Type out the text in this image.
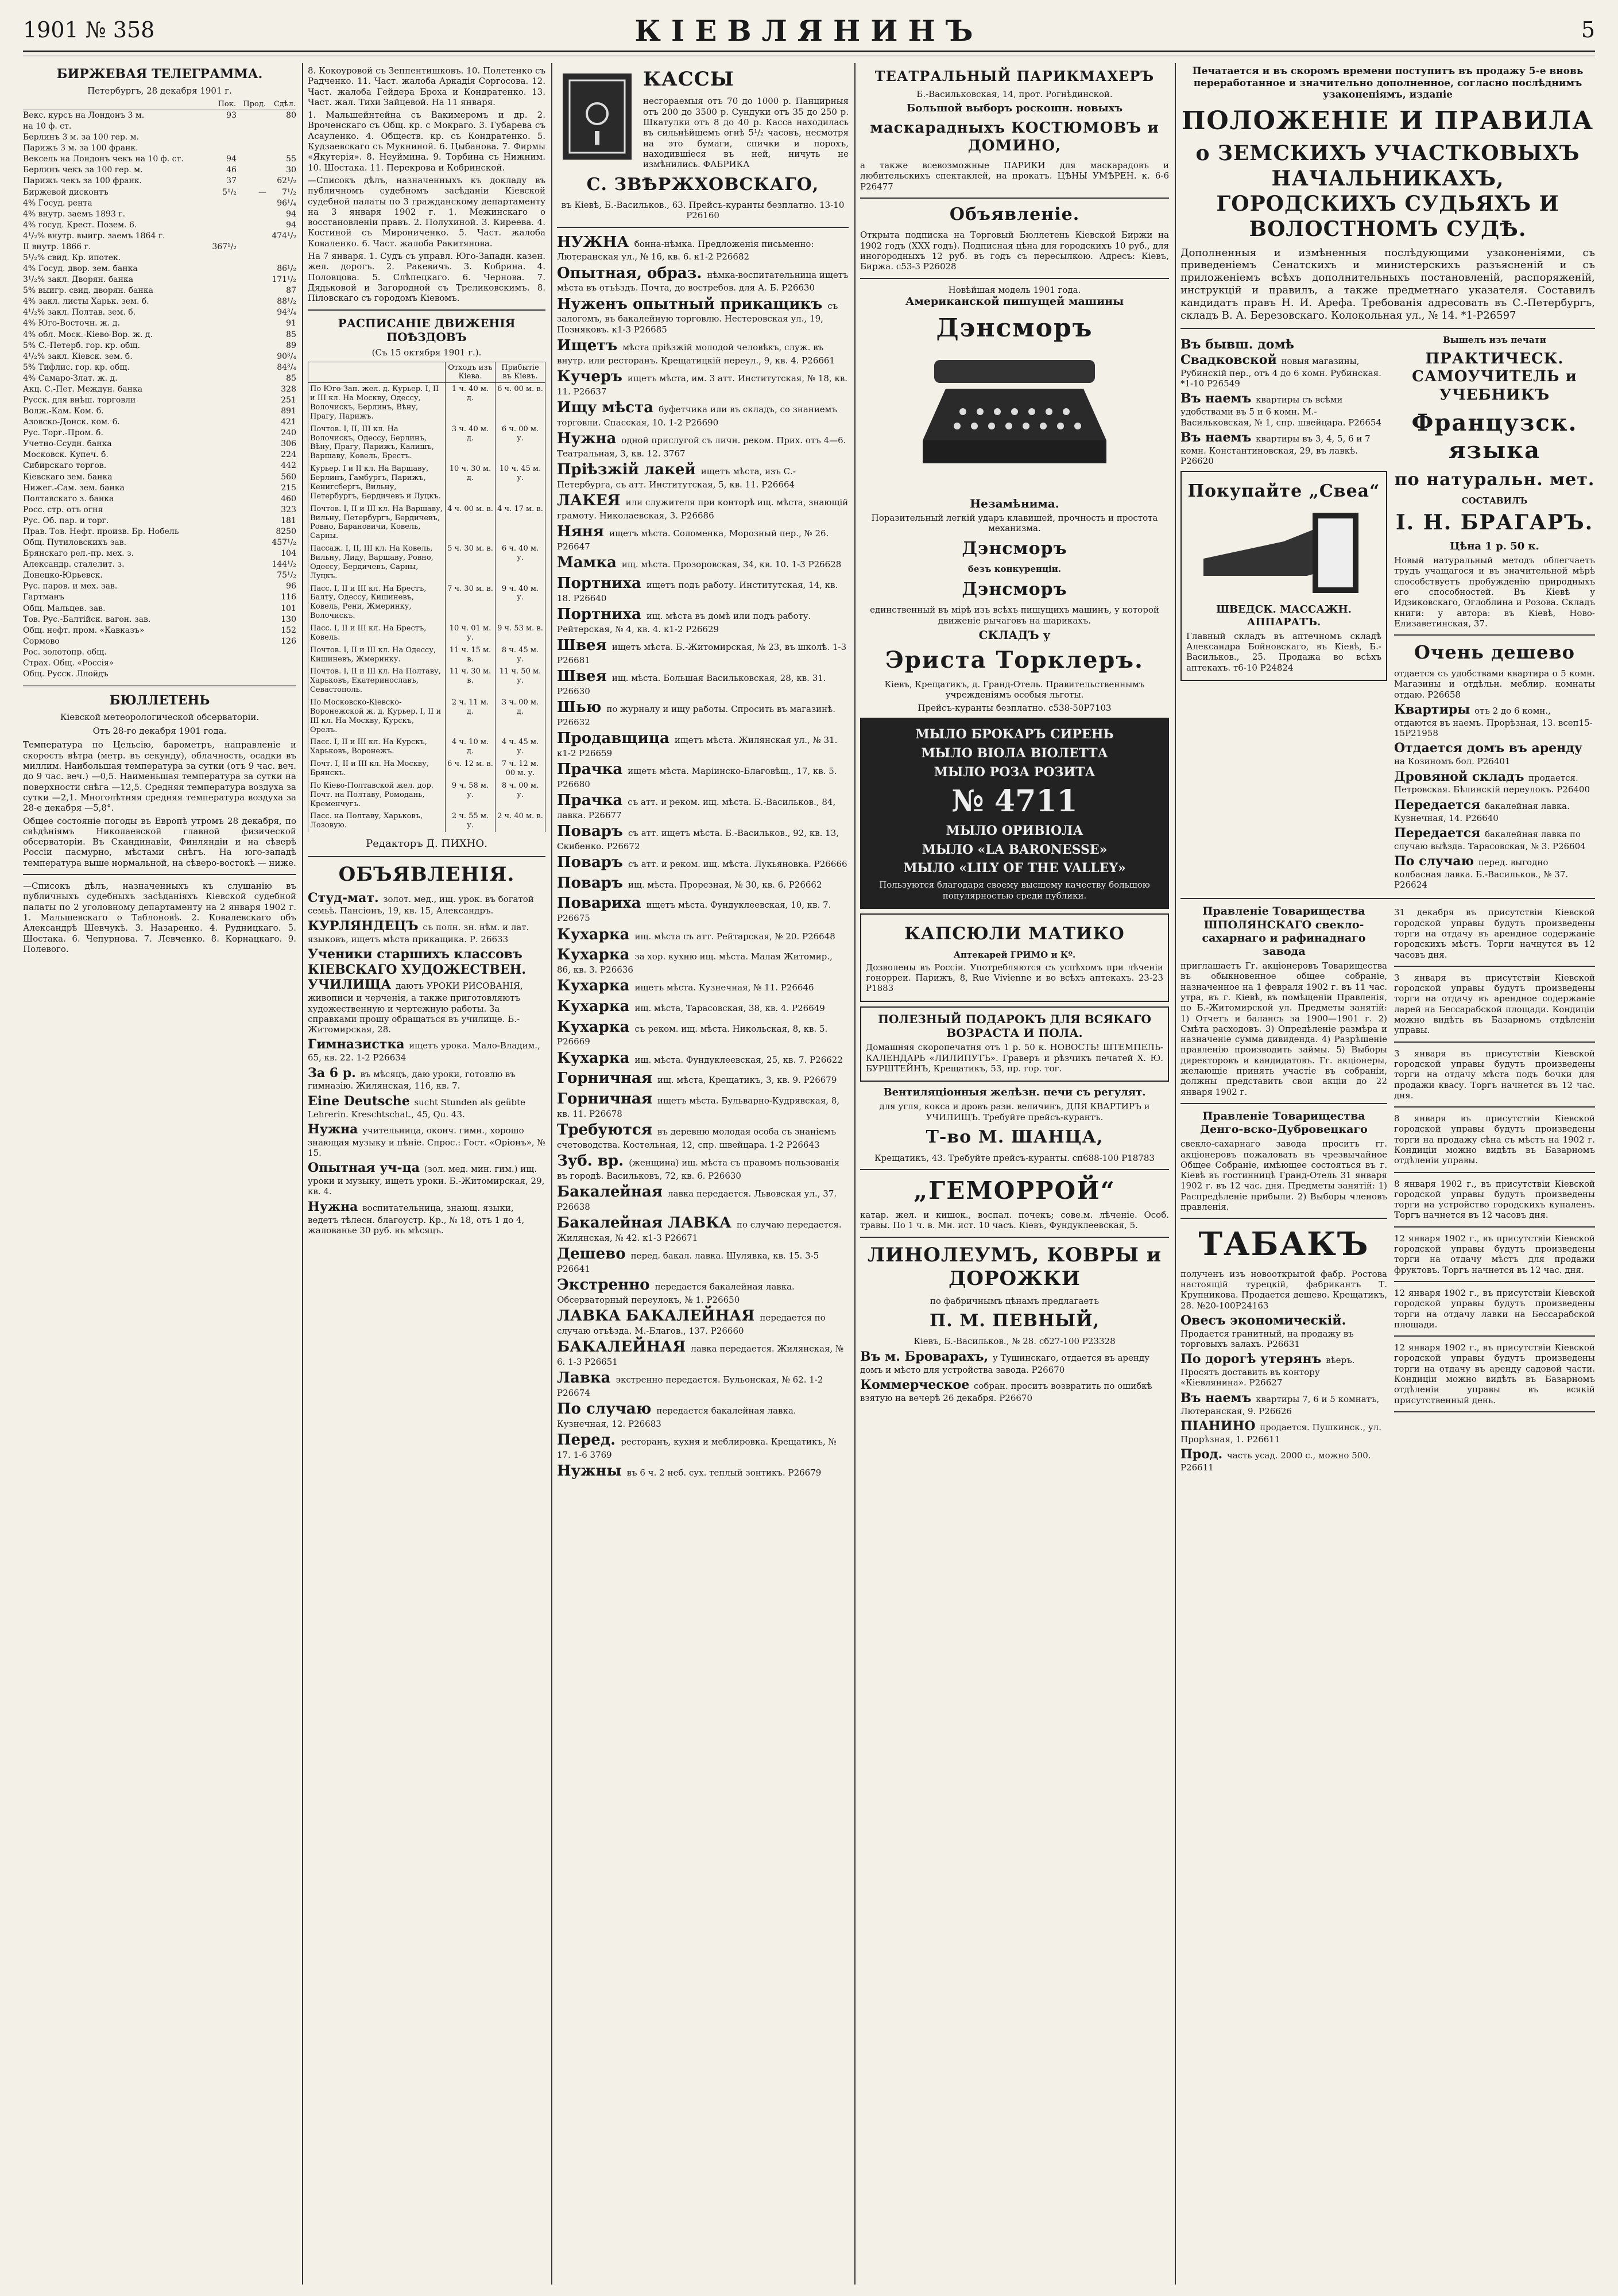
1901 № 358	КIЕВЛЯНИНЪ	5
БИРЖЕВАЯ ТЕЛЕГРАММА.
Петербургъ, 28 декабря 1901 г.
	Пок.	Прод.	Сдѣл.
Векс. курсъ на Лондонъ 3 м.	93		80
на 10 ф. ст.			
Берлинъ 3 м. за 100 гер. м.			
Парижъ 3 м. за 100 франк.			
Вексель на Лондонъ чекъ на 10 ф. ст.	94		55
Берлинъ чекъ за 100 гер. м.	46		30
Парижъ чекъ за 100 франк.	37		62¹/₂
Биржевой дисконтъ	5¹/₂	—	7¹/₂
4% Госуд. рента			96¹/₄
4% внутр. заемъ 1893 г.			94
4% госуд. Крест. Позем. 6.			94
4¹/₂% внутр. выигр. заемъ 1864 г.			474¹/₂
II внутр. 1866 г.	367¹/₂		
5¹/₂% свид. Кр. ипотек.			
4% Госуд. двор. зем. банка			86¹/₂
3¹/₂% закл. Дворян. банка			171¹/₂
5% выигр. свид. дворян. банка			87
4% закл. листы Харьк. зем. б.			88¹/₂
4¹/₂% закл. Полтав. зем. б.			94³/₄
4% Юго-Восточн. ж. д.			91
4% обл. Моск.-Кiево-Вор. ж. д.			85
5% С.-Петерб. гор. кр. общ.			89
4¹/₂% закл. Кiевск. зем. б.			90³/₄
5% Тифлис. гор. кр. общ.			84³/₄
4% Самаро-Злат. ж. д.			85
Акц. С.-Пет. Междун. банка			328
Русск. для внѣш. торговли			251
Волж.-Кам. Ком. б.			891
Азовско-Донск. ком. б.			421
Рус. Торг.-Пром. б.			240
Учетно-Ссудн. банка			306
Московск. Купеч. б.			224
Сибирскаго торгов.			442
Кiевскаго зем. банка			560
Нижег.-Сам. зем. банка			215
Полтавскаго з. банка			460
Росс. стр. отъ огня			323
Рус. Об. пар. и торг.			181
Прав. Тов. Нефт. произв. Бр. Нобель			8250
Общ. Путиловскихъ зав.			457¹/₂
Брянскаго рел.-пр. мех. з.			104
Александр. сталелит. з.			144¹/₂
Донецко-Юрьевск.			75¹/₂
Рус. паров. и мех. зав.			96
Гартманъ			116
Общ. Мальцев. зав.			101
Тов. Рус.-Балтiйск. вагон. зав.			130
Общ. нефт. пром. «Кавказъ»			152
Сормово			126
Рос. золотопр. общ.			
Страх. Общ. «Россiя»			
Общ. Русск. Ллойдъ			
БЮЛЛЕТЕНЬ
Кiевской метеорологической обсерваторiи.
Отъ 28-го декабря 1901 года.

Температура по Цельсiю, барометръ, направленiе и скорость вѣтра (метр. въ секунду), облачность, осадки въ миллим. Наибольшая температура за сутки (отъ 9 час. веч. до 9 час. веч.) —0,5. Наименьшая температура за сутки на поверхности снѣга —12,5. Средняя температура воздуха за сутки —2,1. Многолѣтняя средняя температура воздуха за 28-е декабря —5,8°.

Общее состоянiе погоды въ Европѣ утромъ 28 декабря, по свѣдѣнiямъ Николаевской главной физической обсерваторiи. Въ Скандинавiи, Финляндiи и на сѣверѣ Россiи пасмурно, мѣстами снѣгъ. На юго-западѣ температура выше нормальной, на сѣверо-востокѣ — ниже.

—Списокъ дѣлъ, назначенныхъ къ слушанiю въ публичныхъ судебныхъ засѣданiяхъ Кiевской судебной палаты по 2 уголовному департаменту на 2 января 1902 г. 1. Мальшевскаго о Таблоновѣ. 2. Ковалевскаго объ Александрѣ Шевчукѣ. 3. Назаренко. 4. Рудницкаго. 5. Шостака. 6. Чепурнова. 7. Левченко. 8. Корнацкаго. 9. Полевого.

8. Кокоуровой съ Зеппентишковъ. 10. Полетенко съ Радченко. 11. Част. жалоба Аркадiя Соргосова. 12. Част. жалоба Гейдера Броха и Кондратенко. 13. Част. жал. Тихи Зайцевой. На 11 января.

1. Мальшейнтейна съ Вакимеромъ и др. 2. Вроченскаго съ Общ. кр. с Мокраго. 3. Губарева съ Асауленко. 4. Обществ. кр. съ Кондратенко. 5. Кудзаевскаго съ Мукниной. 6. Цыбанова. 7. Фирмы «Якутерія». 8. Неуймина. 9. Торбина съ Нижним. 10. Шостака. 11. Перекрова и Кобринской.

—Списокъ дѣлъ, назначенныхъ къ докладу въ публичномъ судебномъ засѣданiи Кiевской судебной палаты по 3 гражданскому департаменту на 3 января 1902 г. 1. Межинскаго о восстановленiи правъ. 2. Полухиной. 3. Киреева. 4. Костиной съ Мирониченко. 5. Част. жалоба Коваленко. 6. Част. жалоба Ракитянова.

На 7 января. 1. Судъ съ управл. Юго-Западн. казен. жел. дорогъ. 2. Ракевичъ. 3. Кобрина. 4. Половцова. 5. Слѣпецкаго. 6. Чернова. 7. Дядьковой и Загородной съ Треликовскимъ. 8. Пiловскаго съ городомъ Кiевомъ.

РАСПИСАНІЕ ДВИЖЕНІЯ ПОѢЗДОВЪ
(Съ 15 октября 1901 г.).
	Отходъ изъ Кiева.	Прибытiе въ Кiевъ.
По Юго-Зап. жел. д. Курьер. I, II и III кл. На Москву, Одессу, Волочискъ, Берлинъ, Вѣну, Прагу, Парижъ.	1 ч. 40 м. д.	6 ч. 00 м. в.
Почтов. I, II, III кл. На Волочискъ, Одессу, Берлинъ, Вѣну, Прагу, Парижъ, Калишъ, Варшаву, Ковель, Брестъ.	3 ч. 40 м. д.	6 ч. 00 м. у.
Курьер. I и II кл. На Варшаву, Берлинъ, Гамбургъ, Парижъ, Кенигсбергъ, Вильну, Петербургъ, Бердичевъ и Луцкъ.	10 ч. 30 м. д.	10 ч. 45 м. у.
Почтов. I, II и III кл. На Варшаву, Вильну, Петербургъ, Бердичевъ, Ровно, Барановичи, Ковель, Сарны.	4 ч. 00 м. в.	4 ч. 17 м. в.
Пассаж. I, II, III кл. На Ковель, Вильну, Лиду, Варшаву, Ровно, Одессу, Бердичевъ, Сарны, Луцкъ.	5 ч. 30 м. в.	6 ч. 40 м. у.
Пасс. I, II и III кл. На Брестъ, Балту, Одессу, Кишиневъ, Ковель, Рени, Жмеринку, Волочискъ.	7 ч. 30 м. в.	9 ч. 40 м. у.
Пасс. I, II и III кл. На Брестъ, Ковель.	10 ч. 01 м. у.	9 ч. 53 м. в.
Почтов. I, II и III кл. На Одессу, Кишиневъ, Жмеринку.	11 ч. 15 м. в.	8 ч. 45 м. у.
Почтов. I, II и III кл. На Полтаву, Харьковъ, Екатеринославъ, Севастополь.	11 ч. 30 м. в.	11 ч. 50 м. у.
По Московско-Кiевско-Воронежской ж. д. Курьер. I, II и III кл. На Москву, Курскъ, Орелъ.	2 ч. 11 м. д.	3 ч. 00 м. д.
Пасс. I, II и III кл. На Курскъ, Харьковъ, Воронежъ.	4 ч. 10 м. д.	4 ч. 45 м. у.
Почт. I, II и III кл. На Москву, Брянскъ.	6 ч. 12 м. в.	7 ч. 12 м. 00 м. у.
По Кiево-Полтавской жел. дор. Почт. на Полтаву, Ромодань, Кременчугъ.	9 ч. 58 м. у.	8 ч. 00 м. у.
Пасс. на Полтаву, Харьковъ, Лозовую.	2 ч. 55 м. у.	2 ч. 40 м. в.
Редакторъ Д. ПИХНО.
ОБЪЯВЛЕНІЯ.
Студ-мат. золот. мед., ищ. урок. въ богатой семьѣ. Пансiонъ, 19, кв. 15, Александръ.
КУРЛЯНДЕЦЪ съ полн. зн. нѣм. и лат. языковъ, ищетъ мѣста прикащика. Р. 26633
Ученики старшихъ классовъ КIЕВСКАГО ХУДОЖЕСТВЕН. УЧИЛИЩА даютъ УРОКИ РИСОВАНIЯ, живописи и черченiя, а также приготовляютъ художественную и чертежную работы. За справками прошу обращаться въ училище. Б.-Житомирская, 28.
Гимназистка ищетъ урока. Мало-Владим., 65, кв. 22. 1-2 Р26634
За 6 р. въ мѣсяцъ, даю уроки, готовлю въ гимназiю. Жилянская, 116, кв. 7.
Eine Deutsche sucht Stunden als geübte Lehrerin. Kreschtschat., 45, Qu. 43.
Нужна учительница, оконч. гимн., хорошо знающая музыку и пѣнiе. Спрос.: Гост. «Орiонъ», № 15.
Опытная уч-ца (зол. мед. мин. гим.) ищ. уроки и музыку, ищетъ уроки. Б.-Житомирская, 29, кв. 4.
Нужна воспитательница, знающ. языки, ведетъ тѣлесн. благоустр. Кр., № 18, отъ 1 до 4, жалованье 30 руб. въ мѣсяцъ.
КАССЫ

несгораемыя отъ 70 до 1000 р. Панцирныя отъ 200 до 3500 р. Сундуки отъ 35 до 250 р. Шкатулки отъ 8 до 40 р. Касса находилась въ сильнѣйшемъ огнѣ 5¹/₂ часовъ, несмотря на это бумаги, спички и порохъ, находившiеся въ ней, ничуть не измѣнились. ФАБРИКА

С. ЗВѢРЖХОВСКАГО,

въ Кiевѣ, Б.-Васильков., 63. Прейсъ-куранты безплатно. 13-10 Р26160

НУЖНА бонна-нѣмка. Предложенiя письменно: Лютеранская ул., № 16, кв. 6. к1-2 Р26682
Опытная, образ. нѣмка-воспитательница ищетъ мѣста въ отъѣздъ. Почта, до востребов. для А. Б. Р26630
Нуженъ опытный прикащикъ съ залогомъ, въ бакалейную торговлю. Нестеровская ул., 19, Позняковъ. к1-3 Р26685
Ищетъ мѣста прiѣзжiй молодой человѣкъ, служ. въ внутр. или ресторанъ. Крещатицкiй переул., 9, кв. 4. Р26661
Кучеръ ищетъ мѣста, им. 3 атт. Институтская, № 18, кв. 11. Р26637
Ищу мѣста буфетчика или въ складъ, со знаниемъ торговли. Спасская, 10. 1-2 Р26690
Нужна одной прислугой съ личн. реком. Прих. отъ 4—6. Театральная, 3, кв. 12. 3767
Прiѣзжiй лакей ищетъ мѣста, изъ С.-Петербурга, съ атт. Институтская, 5, кв. 11. Р26664
ЛАКЕЯ или служителя при конторѣ ищ. мѣста, знающiй грамоту. Николаевская, 3. Р26686
Няня ищетъ мѣста. Соломенка, Морозный пер., № 26. Р26647
Мамка ищ. мѣста. Прозоровская, 34, кв. 10. 1-3 Р26628
Портниха ищетъ подъ работу. Институтская, 14, кв. 18. Р26640
Портниха ищ. мѣста въ домѣ или подъ работу. Рейтерская, № 4, кв. 4. к1-2 Р26629
Швея ищетъ мѣста. Б.-Житомирская, № 23, въ школѣ. 1-3 Р26681
Швея ищ. мѣста. Большая Васильковская, 28, кв. 31. Р26630
Шью по журналу и ищу работы. Спросить въ магазинѣ. Р26632
Продавщица ищетъ мѣста. Жилянская ул., № 31. к1-2 Р26659
Прачка ищетъ мѣста. Марiинско-Благовѣщ., 17, кв. 5. Р26680
Прачка съ атт. и реком. ищ. мѣста. Б.-Васильков., 84, лавка. Р26677
Поваръ съ атт. ищетъ мѣста. Б.-Васильков., 92, кв. 13, Скибенко. Р26672
Поваръ съ атт. и реком. ищ. мѣста. Лукьяновка. Р26666
Поваръ ищ. мѣста. Прорезная, № 30, кв. 6. Р26662
Повариха ищетъ мѣста. Фундуклеевская, 10, кв. 7. Р26675
Кухарка ищ. мѣста съ атт. Рейтарская, № 20. Р26648
Кухарка за хор. кухню ищ. мѣста. Малая Житомир., 86, кв. 3. Р26636
Кухарка ищетъ мѣста. Кузнечная, № 11. Р26646
Кухарка ищ. мѣста, Тарасовская, 38, кв. 4. Р26649
Кухарка съ реком. ищ. мѣста. Никольская, 8, кв. 5. Р26669
Кухарка ищ. мѣста. Фундуклеевская, 25, кв. 7. Р26622
Горничная ищ. мѣста, Крещатикъ, 3, кв. 9. Р26679
Горничная ищетъ мѣста. Бульварно-Кудрявская, 8, кв. 11. Р26678
Требуются въ деревню молодая особа съ знанiемъ счетоводства. Костельная, 12, спр. швейцара. 1-2 Р26643
Зуб. вр. (женщина) ищ. мѣста съ правомъ пользованiя въ городѣ. Васильковъ, 72, кв. 6. Р26630
Бакалейная лавка передается. Львовская ул., 37. Р26638
Бакалейная ЛАВКА по случаю передается. Жилянская, № 42. к1-3 Р26671
Дешево перед. бакал. лавка. Шулявка, кв. 15. 3-5 Р26641
Экстренно передается бакалейная лавка. Обсерваторный переулокъ, № 1. Р26650
ЛАВКА БАКАЛЕЙНАЯ передается по случаю отъѣзда. М.-Благов., 137. Р26660
БАКАЛЕЙНАЯ лавка передается. Жилянская, № 6. 1-3 Р26651
Лавка экстренно передается. Бульонская, № 62. 1-2 Р26674
По случаю передается бакалейная лавка. Кузнечная, 12. Р26683
Перед. ресторанъ, кухня и меблировка. Крещатикъ, № 17. 1-6 3769
Нужны въ 6 ч. 2 неб. сух. теплый зонтикъ. Р26679
ТЕАТРАЛЬНЫЙ ПАРИКМАХЕРЪ

Б.-Васильковская, 14, прот. Рогнѣдинской.

Большой выборъ роскошн. новыхъ
маскарадныхъ КОСТЮМОВЪ и ДОМИНО,

а также всевозможные ПАРИКИ для маскарадовъ и любительскихъ спектаклей, на прокатъ. ЦѢНЫ УМѢРЕН. к. 6-6 Р26477

Объявленiе.

Открыта подписка на Торговый Бюллетень Кiевской Биржи на 1902 годъ (XXX годъ). Подписная цѣна для городскихъ 10 руб., для иногородныхъ 12 руб. въ годъ съ пересылкою. Адресъ: Кiевъ, Биржа. с53-3 Р26028

Новѣйшая модель 1901 года.
Американской пишущей машины
Дэнсморъ
Незамѣнима.

Поразительный легкiй ударъ клавишей, прочность и простота механизма.

Дэнсморъ
безъ конкуренцiи.
Дэнсморъ

единственный въ мiрѣ изъ всѣхъ пишущихъ машинъ, у которой движенiе рычаговъ на шарикахъ.

СКЛАДЪ у
Эриста Торклеръ.

Кiевъ, Крещатикъ, д. Гранд-Отель. Правительственнымъ учрежденiямъ особыя льготы.

Прейсъ-куранты безплатно. с538-50Р7103

МЫЛО БРОКАРЪ СИРЕНЬ
МЫЛО ВIОЛА ВIОЛЕТТА
МЫЛО РОЗА РОЗИТА
№ 4711
МЫЛО ОРИВIОЛА
МЫЛО «LA BARONESSE»
МЫЛО «LILY OF THE VALLEY»

Пользуются благодаря своему высшему качеству большою популярностью среди публики.

КАПСЮЛИ МАТИКО
Аптекарей ГРИМО и Кº.

Дозволены въ Россiи. Употребляются съ успѣхомъ при лѣченiи гонорреи. Парижъ, 8, Rue Vivienne и во всѣхъ аптекахъ. 23-23 Р1883

ПОЛЕЗНЫЙ ПОДАРОКЪ ДЛЯ ВСЯКАГО ВОЗРАСТА И ПОЛА.

Домашняя скоропечатня отъ 1 р. 50 к. НОВОСТЬ! ШТЕМПЕЛЬ-КАЛЕНДАРЬ «ЛИЛИПУТЪ». Граверъ и рѣзчикъ печатей Х. Ю. БУРШТЕЙНЪ, Крещатикъ, 53, пр. гор. тог.

Вентиляцiонныя желѣзн. печи съ регулят.

для угля, кокса и дровъ разн. величинъ, ДЛЯ КВАРТИРЪ и УЧИЛИЩЪ. Требуйте прейсъ-курантъ.

Т-во М. ШАНЦА,

Крещатикъ, 43. Требуйте прейсъ-куранты. сп688-100 Р18783

„ГЕМОРРОЙ“

катар. жел. и кишок., воспал. почекъ; сове.м. лѣченiе. Особ. травы. По 1 ч. в. Мн. ист. 10 часъ. Кiевъ, Фундуклеевская, 5.

ЛИНОЛЕУМЪ, КОВРЫ и ДОРОЖКИ

по фабричнымъ цѣнамъ предлагаетъ

П. М. ПЕВНЫЙ,

Кiевъ, Б.-Васильков., № 28. сб27-100 Р23328

Въ м. Броварахъ, у Тушинскаго, отдается въ аренду домъ и мѣсто для устройства завода. Р26670
Коммерческое собран. проситъ возвратить по ошибкѣ взятую на вечерѣ 26 декабря. Р26670

Печатается и въ скоромъ времени поступитъ въ продажу 5-е вновь переработанное и значительно дополненное, согласно послѣднимъ узаконенiямъ, изданiе

ПОЛОЖЕНIЕ И ПРАВИЛА
о ЗЕМСКИХЪ УЧАСТКОВЫХЪ НАЧАЛЬНИКАХЪ, ГОРОДСКИХЪ СУДЬЯХЪ И ВОЛОСТНОМЪ СУДѢ.

Дополненныя и измѣненныя послѣдующими узаконенiями, съ приведенiемъ Сенатскихъ и министерскихъ разъясненiй и съ приложенiемъ всѣхъ дополнительныхъ постановленiй, распоряженiй, инструкцiй и правилъ, а также предметнаго указателя. Составилъ кандидатъ правъ Н. И. Арефа. Требованiя адресовать въ С.-Петербургъ, складъ В. А. Березовскаго. Колокольная ул., № 14. *1-Р26597

Въ бывш. домѣ Свадковской новыя магазины, Рубинскiй пер., отъ 4 до 6 комн. Рубинская. *1-10 Р26549
Въ наемъ квартиры съ всѣми удобствами въ 5 и 6 комн. М.-Васильковская, № 1, спр. швейцара. Р26654
Въ наемъ квартиры въ 3, 4, 5, 6 и 7 комн. Константиновская, 29, въ лавкѣ. Р26620
Покупайте „Свеа“
ШВЕДСК. МАССАЖН. АППАРАТЪ.

Главный складъ въ аптечномъ складѣ Александра Бойновскаго, въ Кiевѣ, Б.-Васильков., 25. Продажа во всѣхъ аптекахъ. т6-10 Р24824

Вышелъ изъ печати
ПРАКТИЧЕСК. САМОУЧИТЕЛЬ и УЧЕБНИКЪ
Французск. языка
по натуральн. мет.
СОСТАВИЛЪ
I. Н. БРАГАРЪ.
Цѣна 1 р. 50 к.

Новый натуральный методъ облегчаетъ трудъ учащагося и въ значительной мѣрѣ способствуетъ пробужденiю природныхъ его способностей. Въ Кiевѣ у Идзиковскаго, Оглоблина и Розова. Складъ книги: у автора: въ Кiевѣ, Ново-Елизаветинская, 37.

Очень дешево

отдается съ удобствами квартира о 5 комн. Магазины и отдѣльн. меблир. комнаты отдаю. Р26658

Квартиры отъ 2 до 6 комн., отдаются въ наемъ. Прорѣзная, 13. всеп15-15Р21958
Отдается домъ въ аренду на Козиномъ бол. Р26401
Дровяной складъ продается. Петровская. Бѣлинскiй переулокъ. Р26400
Передается бакалейная лавка. Кузнечная, 14. Р26640
Передается бакалейная лавка по случаю выѣзда. Тарасовская, № 3. Р26604
По случаю перед. выгодно колбасная лавка. Б.-Васильков., № 37. Р26624
Правленiе Товарищества ШПОЛЯНСКАГО свекло-сахарнаго и рафинаднаго завода

приглашаетъ Гг. акцiонеровъ Товарищества въ обыкновенное общее собранiе, назначенное на 1 февраля 1902 г. въ 11 час. утра, въ г. Кiевѣ, въ помѣщенiи Правленiя, по Б.-Житомирской ул. Предметы занятiй: 1) Отчетъ и балансъ за 1900—1901 г. 2) Смѣта расходовъ. 3) Опредѣленiе размѣра и назначенiе сумма дивиденда. 4) Разрѣшенiе правленiю производить займы. 5) Выборы директоровъ и кандидатовъ. Гг. акцiонеры, желающiе принять участiе въ собранiи, должны представить свои акцiи до 22 января 1902 г.

Правленiе Товарищества Денго-вско-Дубровецкаго

свекло-сахарнаго завода проситъ гг. акцiонеровъ пожаловать въ чрезвычайное Общее Собранiе, имѣющее состояться въ г. Кiевѣ въ гостинницѣ Гранд-Отель 31 января 1902 г. въ 12 час. дня. Предметы занятiй: 1) Распредѣленiе прибыли. 2) Выборы членовъ правленiя.

ТАБАКЪ

полученъ изъ новооткрытой фабр. Ростова настоящiй турецкiй, фабрикантъ Т. Крупникова. Продается дешево. Крещатикъ, 28. №20-100Р24163

Овесъ экономическiй. Продается гранитный, на продажу въ торговыхъ залахъ. Р26631
По дорогѣ утерянъ вѣеръ. Просятъ доставить въ контору «Кiевлянина». Р26627
Въ наемъ квартиры 7, 6 и 5 комнатъ, Лютеранская, 9. Р26626
ПIАНИНО продается. Пушкинск., ул. Прорѣзная, 1. Р26611
Прод. часть усад. 2000 с., можно 500. Р26611

31 декабря въ присутствiи Кiевской городской управы будутъ произведены торги на отдачу въ арендное содержанiе городскихъ мѣстъ. Торги начнутся въ 12 часовъ дня.

3 января въ присутствiи Кiевской городской управы будутъ произведены торги на отдачу въ арендное содержанiе ларей на Бессарабской площади. Кондицiи можно видѣть въ Базарномъ отдѣленiи управы.

3 января въ присутствiи Кiевской городской управы будутъ произведены торги на отдачу мѣста подъ бочки для продажи квасу. Торгъ начнется въ 12 час. дня.

8 января въ присутствiи Кiевской городской управы будутъ произведены торги на продажу сѣна съ мѣстъ на 1902 г. Кондицiи можно видѣть въ Базарномъ отдѣленiи управы.

8 января 1902 г., въ присутствiи Кiевской городской управы будутъ произведены торги на устройство городскихъ купаленъ. Торгъ начнется въ 12 часовъ дня.

12 января 1902 г., въ присутствiи Кiевской городской управы будутъ произведены торги на отдачу мѣстъ для продажи фруктовъ. Торгъ начнется въ 12 час. дня.

12 января 1902 г., въ присутствiи Кiевской городской управы будутъ произведены торги на отдачу лавки на Бессарабской площади.

12 января 1902 г., въ присутствiи Кiевской городской управы будутъ произведены торги на отдачу въ аренду садовой части. Кондицiи можно видѣть въ Базарномъ отдѣленiи управы въ всякiй присутственный день.
